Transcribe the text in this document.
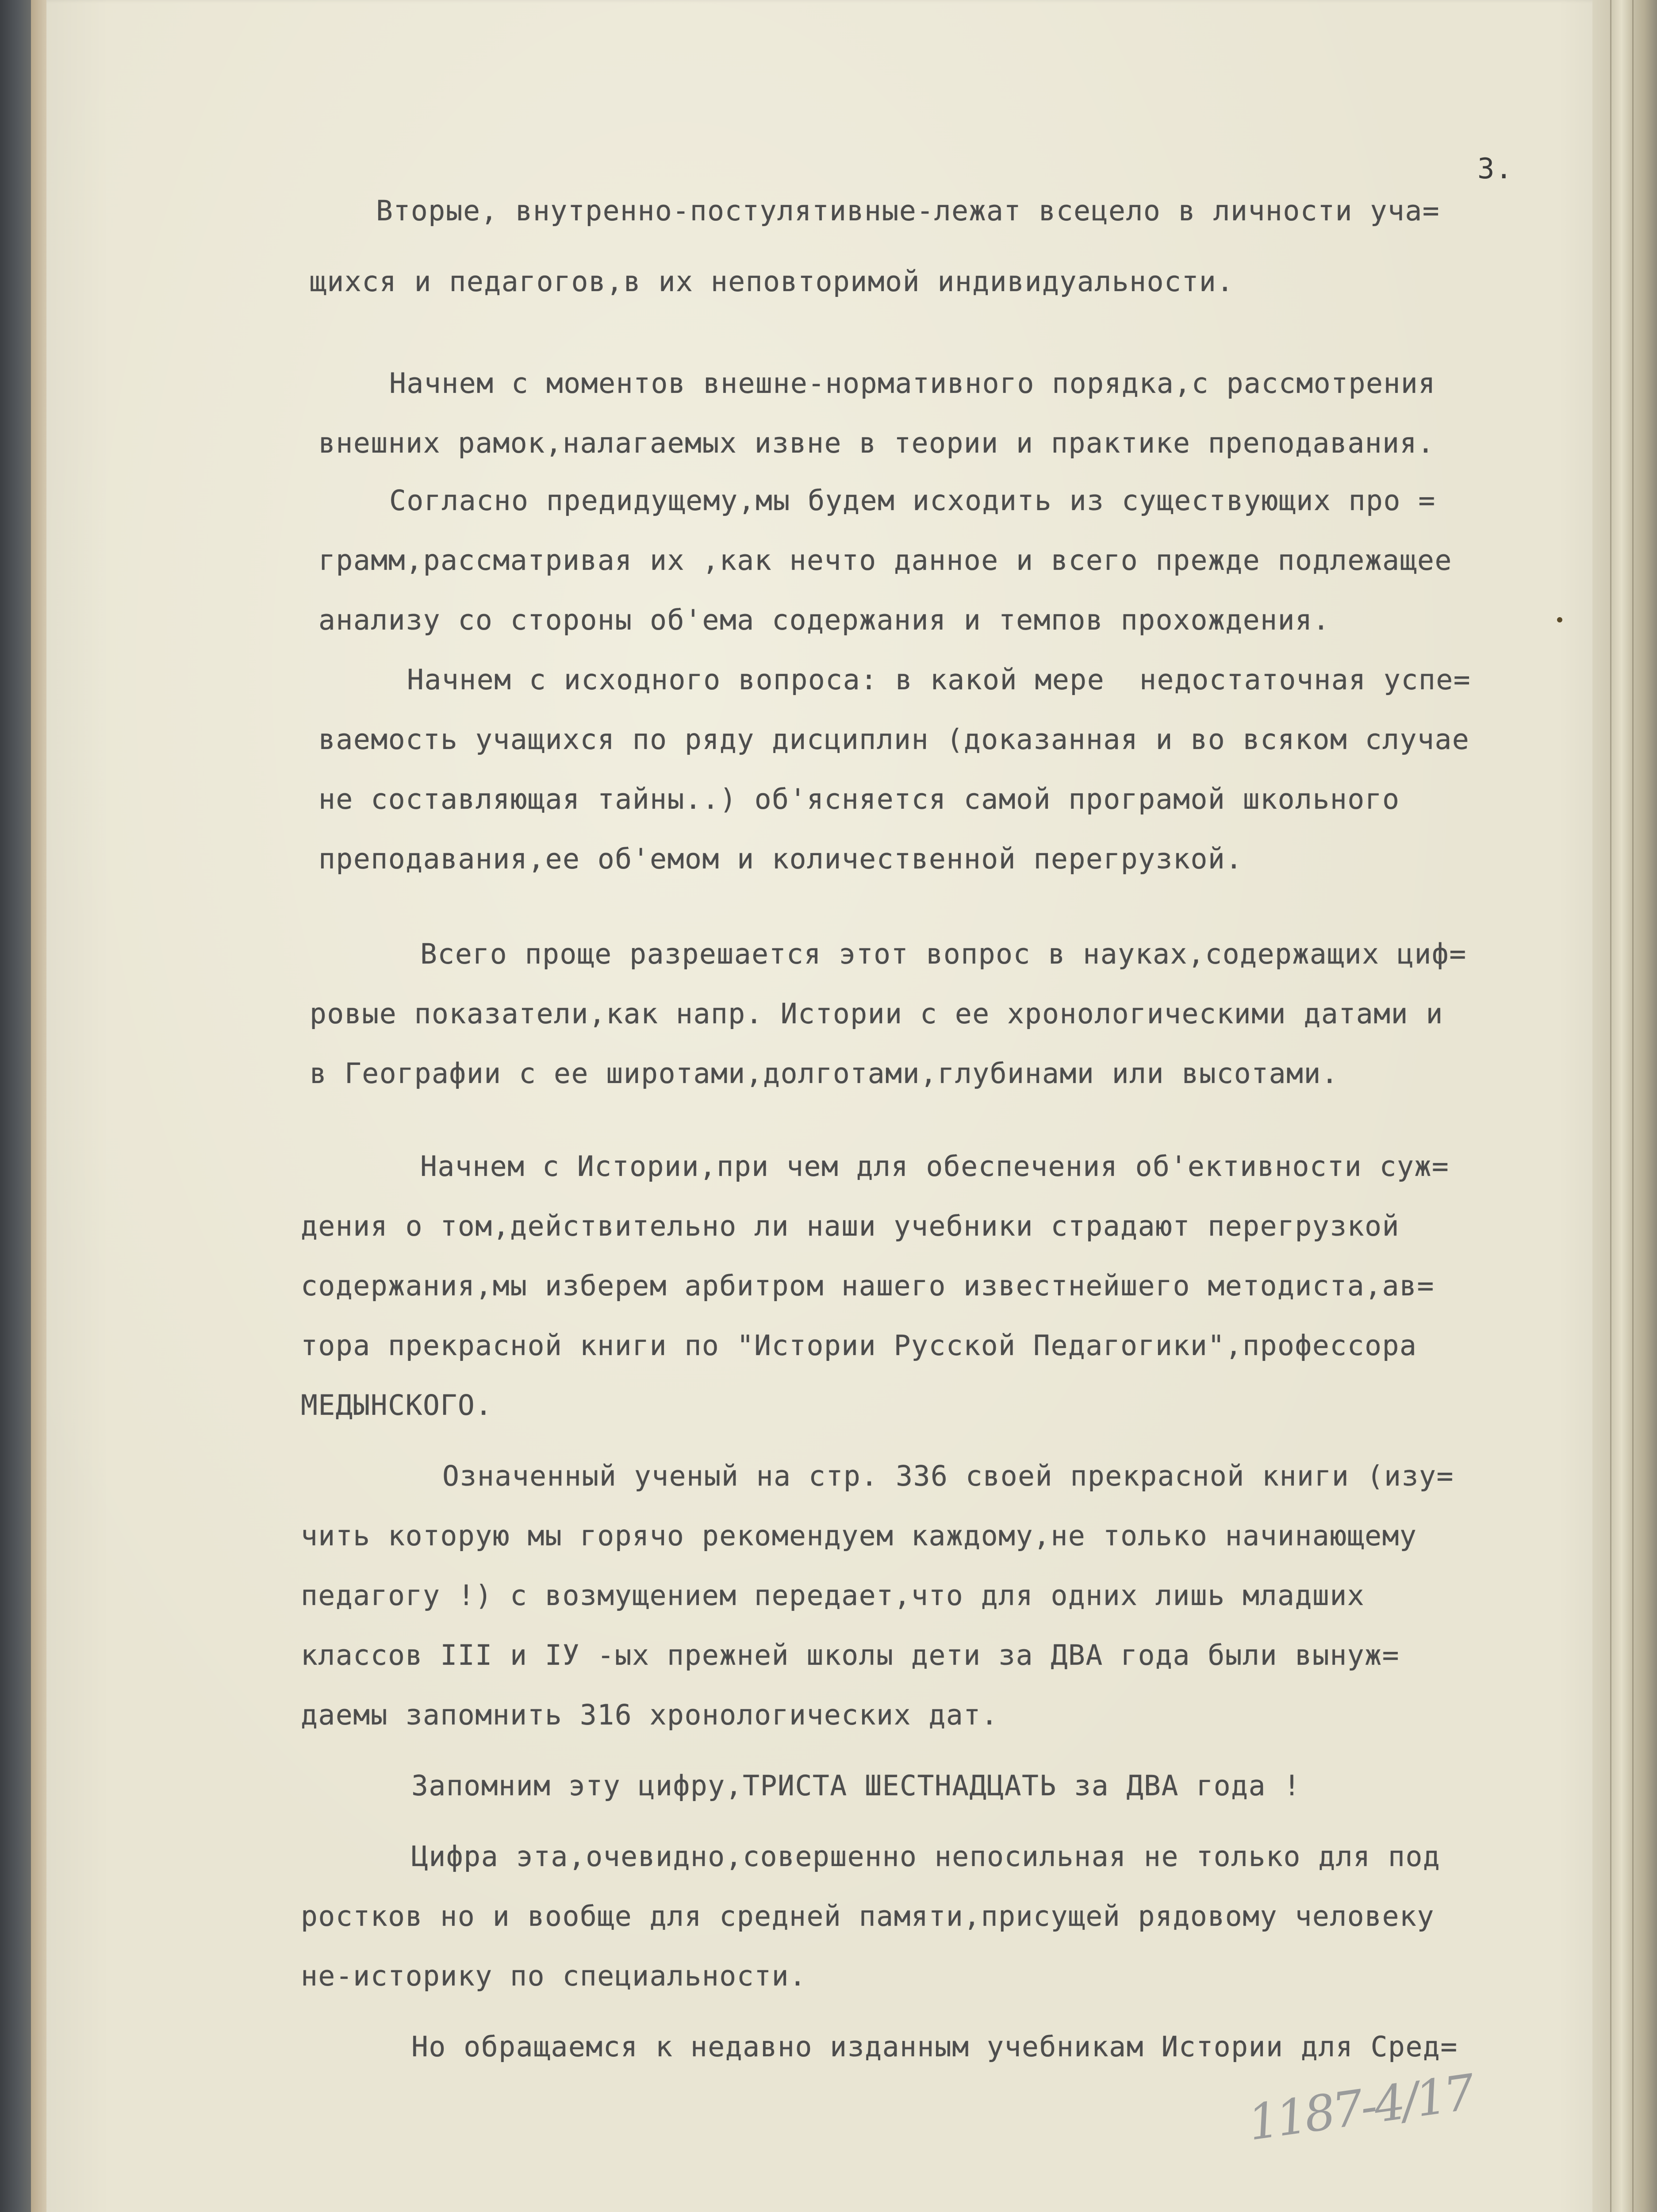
3.
Вторые, внутренно-постулятивные-лежат всецело в личности уча=
щихся и педагогов,в их неповторимой индивидуальности.
Начнем с моментов внешне-нормативного порядка,с рассмотрения
внешних рамок,налагаемых извне в теории и практике преподавания.
Согласно предидущему,мы будем исходить из существующих про =
грамм,рассматривая их ,как нечто данное и всего прежде подлежащее
анализу со стороны об'ема содержания и темпов прохождения.
Начнем с исходного вопроса: в какой мере  недостаточная успе=
ваемость учащихся по ряду дисциплин (доказанная и во всяком случае
не составляющая тайны..) об'ясняется самой програмой школьного
преподавания,ее об'емом и количественной перегрузкой.
Всего проще разрешается этот вопрос в науках,содержащих циф=
ровые показатели,как напр. Истории с ее хронологическими датами и
в Географии с ее широтами,долготами,глубинами или высотами.
Начнем с Истории,при чем для обеспечения об'ективности суж=
дения о том,действительно ли наши учебники страдают перегрузкой
содержания,мы изберем арбитром нашего известнейшего методиста,ав=
тора прекрасной книги по "Истории Русской Педагогики",профессора
МЕДЫНСКОГО.
Означенный ученый на стр. 336 своей прекрасной книги (изу=
чить которую мы горячо рекомендуем каждому,не только начинающему
педагогу !) с возмущением передает,что для одних лишь младших
классов III и IУ -ых прежней школы дети за ДВА года были вынуж=
даемы запомнить 316 хронологических дат.
Запомним эту цифру,ТРИСТА ШЕСТНАДЦАТЬ за ДВА года !
Цифра эта,очевидно,совершенно непосильная не только для под
ростков но и вообще для средней памяти,присущей рядовому человеку
не-историку по специальности.
Но обращаемся к недавно изданным учебникам Истории для Сред=
1187-4/17
